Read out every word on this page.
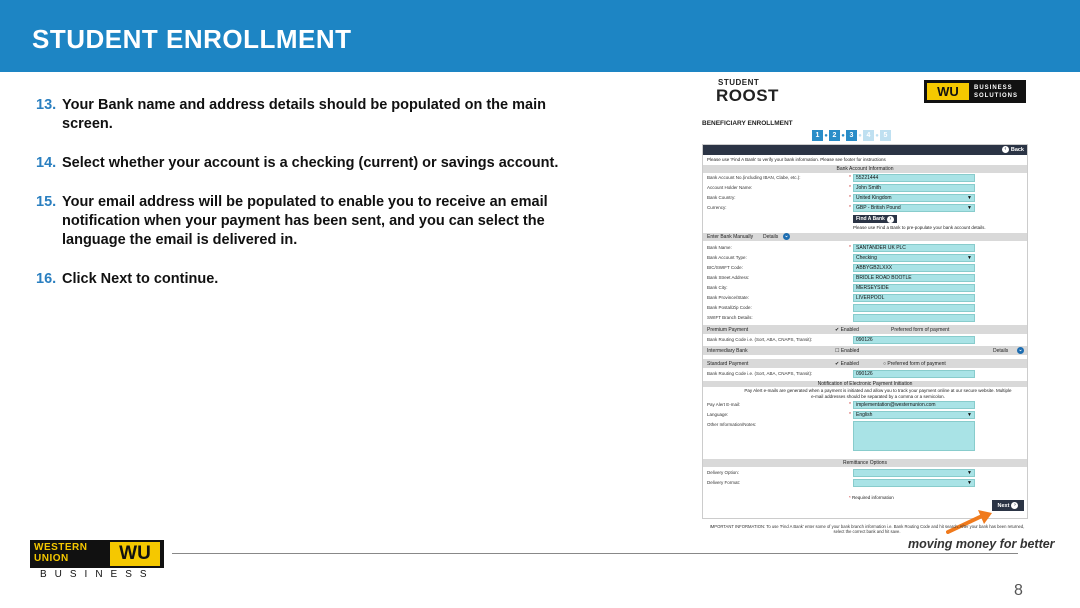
STUDENT ENROLLMENT
13. Your Bank name and address details should be populated on the main screen.
14. Select whether your account is a checking (current) or savings account.
15. Your email address will be populated to enable you to receive an email notification when your payment has been sent, and you can select the language the email is delivered in.
16. Click Next to continue.
STUDENT
ROOST	WU	BUSINESS
SOLUTIONS
BENEFICIARY ENROLLMENT
1 ● 2 ● 3 ● 4 ● 5
‹ Back
Please use 'Find A Bank' to verify your bank information. Please see footer for instructions
Bank Account Information
Bank Account No.(including IBAN, Clabe, etc.):	*	55221444
Account Holder Name:	*	John Smith
Bank Country:	*	United Kingdom	▼
Currency:	*	GBP - British Pound	▼
Find A Bank ›
Please use Find a Bank to pre-populate your bank account details.
Enter Bank Manually Details ⌄
Bank Name:	*	SANTANDER UK PLC
Bank Account Type:	Checking	▼
BIC/SWIFT Code:	ABBYGB2LXXX
Bank Street Address:	BRIDLE ROAD BOOTLE
Bank City:	MERSEYSIDE
Bank Province/State:	LIVERPOOL
Bank Postal/Zip Code:
SWIFT Branch Details:
Premium Payment	✔ Enabled	Preferred form of payment
Bank Routing Code i.e. (Sort, ABA, CNAPS, Transit):	090126
Intermediary Bank	☐ Enabled	Details ⌄
Standard Payment	✔ Enabled	○ Preferred form of payment
Bank Routing Code i.e. (Sort, ABA, CNAPS, Transit):	090126
Notification of Electronic Payment Initiation
Pay Alert e-mails are generated when a payment is initiated and allow you to track your payment online at our secure website. Multiple e-mail addresses should be separated by a comma or a semicolon.
Pay Alert E-mail:	*	implementation@westernunion.com
Language:	*	English	▼
Other Information/Notes:
Remittance Options
Delivery Option:	▼
Delivery Format:	▼
* Required information
Next ›
IMPORTANT INFORMATION: To use 'Find A Bank' enter some of your bank branch information i.e. Bank Routing Code and hit search. After your bank has been returned, select the correct bank and hit save.
WESTERN
UNION	WU
BUSINESS
moving money for better
8
